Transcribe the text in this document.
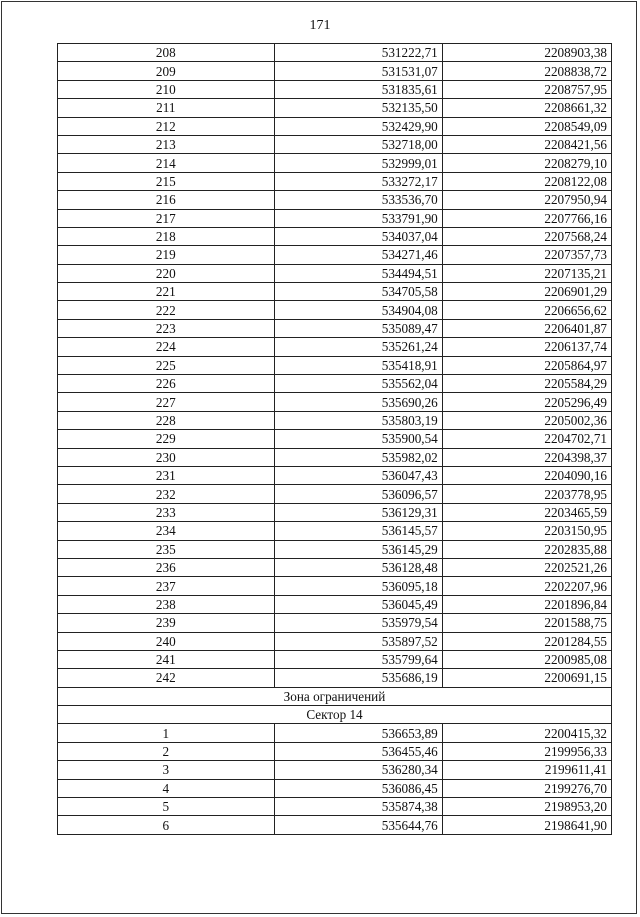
171
208	531222,71	2208903,38
209	531531,07	2208838,72
210	531835,61	2208757,95
211	532135,50	2208661,32
212	532429,90	2208549,09
213	532718,00	2208421,56
214	532999,01	2208279,10
215	533272,17	2208122,08
216	533536,70	2207950,94
217	533791,90	2207766,16
218	534037,04	2207568,24
219	534271,46	2207357,73
220	534494,51	2207135,21
221	534705,58	2206901,29
222	534904,08	2206656,62
223	535089,47	2206401,87
224	535261,24	2206137,74
225	535418,91	2205864,97
226	535562,04	2205584,29
227	535690,26	2205296,49
228	535803,19	2205002,36
229	535900,54	2204702,71
230	535982,02	2204398,37
231	536047,43	2204090,16
232	536096,57	2203778,95
233	536129,31	2203465,59
234	536145,57	2203150,95
235	536145,29	2202835,88
236	536128,48	2202521,26
237	536095,18	2202207,96
238	536045,49	2201896,84
239	535979,54	2201588,75
240	535897,52	2201284,55
241	535799,64	2200985,08
242	535686,19	2200691,15
Зона ограничений		
Сектор 14		
1	536653,89	2200415,32
2	536455,46	2199956,33
3	536280,34	2199611,41
4	536086,45	2199276,70
5	535874,38	2198953,20
6	535644,76	2198641,90
